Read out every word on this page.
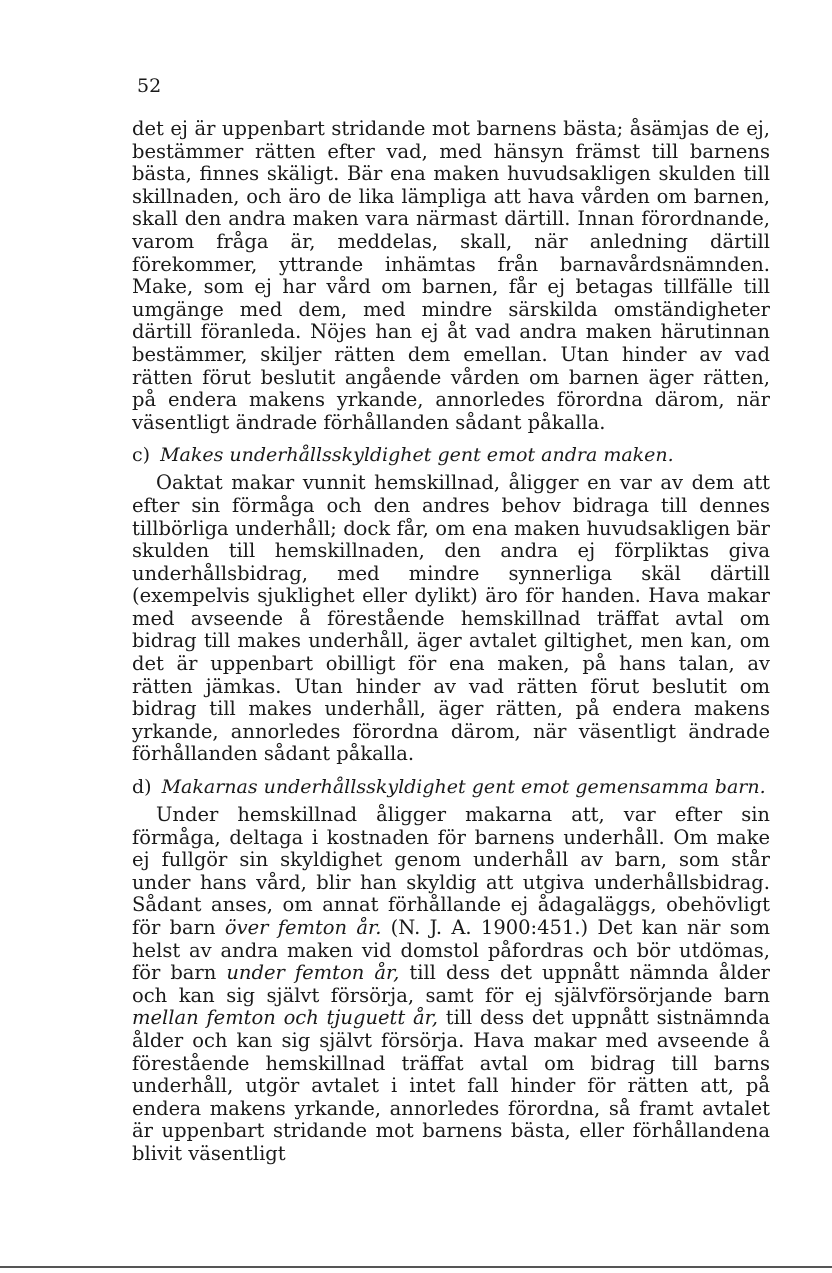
52

det ej är uppenbart stridande mot barnens bästa; åsämjas de ej, bestämmer rätten efter vad, med hänsyn främst till barnens bästa, finnes skäligt. Bär ena maken huvudsakligen skulden till skillnaden, och äro de lika lämpliga att hava vården om barnen, skall den andra maken vara närmast därtill. Innan förordnande, varom fråga är, meddelas, skall, när anledning därtill förekommer, yttrande inhämtas från barnavårdsnämnden. Make, som ej har vård om barnen, får ej betagas tillfälle till umgänge med dem, med mindre särskilda omständigheter därtill föranleda. Nöjes han ej åt vad andra maken härutinnan bestämmer, skiljer rätten dem emellan. Utan hinder av vad rätten förut beslutit angående vården om barnen äger rätten, på endera makens yrkande, annorledes förordna därom, när väsentligt ändrade förhållanden sådant påkalla.

c) Makes underhållsskyldighet gent emot andra maken.

Oaktat makar vunnit hemskillnad, åligger en var av dem att efter sin förmåga och den andres behov bidraga till dennes tillbörliga underhåll; dock får, om ena maken huvudsakligen bär skulden till hemskillnaden, den andra ej förpliktas giva underhållsbidrag, med mindre synnerliga skäl därtill (exempelvis sjuklighet eller dylikt) äro för handen. Hava makar med avseende å förestående hemskillnad träffat avtal om bidrag till makes underhåll, äger avtalet giltighet, men kan, om det är uppenbart obilligt för ena maken, på hans talan, av rätten jämkas. Utan hinder av vad rätten förut beslutit om bidrag till makes underhåll, äger rätten, på endera makens yrkande, annorledes förordna därom, när väsentligt ändrade förhållanden sådant påkalla.

d) Makarnas underhållsskyldighet gent emot gemensamma barn.

Under hemskillnad åligger makarna att, var efter sin förmåga, deltaga i kostnaden för barnens underhåll. Om make ej fullgör sin skyldighet genom underhåll av barn, som står under hans vård, blir han skyldig att utgiva underhållsbidrag. Sådant anses, om annat förhållande ej ådagaläggs, obehövligt för barn över femton år. (N. J. A. 1900:451.) Det kan när som helst av andra maken vid domstol påfordras och bör utdömas, för barn under femton år, till dess det uppnått nämnda ålder och kan sig självt försörja, samt för ej självförsörjande barn mellan femton och tjuguett år, till dess det uppnått sistnämnda ålder och kan sig självt försörja. Hava makar med avseende å förestående hemskillnad träffat avtal om bidrag till barns underhåll, utgör avtalet i intet fall hinder för rätten att, på endera makens yrkande, annorledes förordna, så framt avtalet är uppenbart stridande mot barnens bästa, eller förhållandena blivit väsentligt
